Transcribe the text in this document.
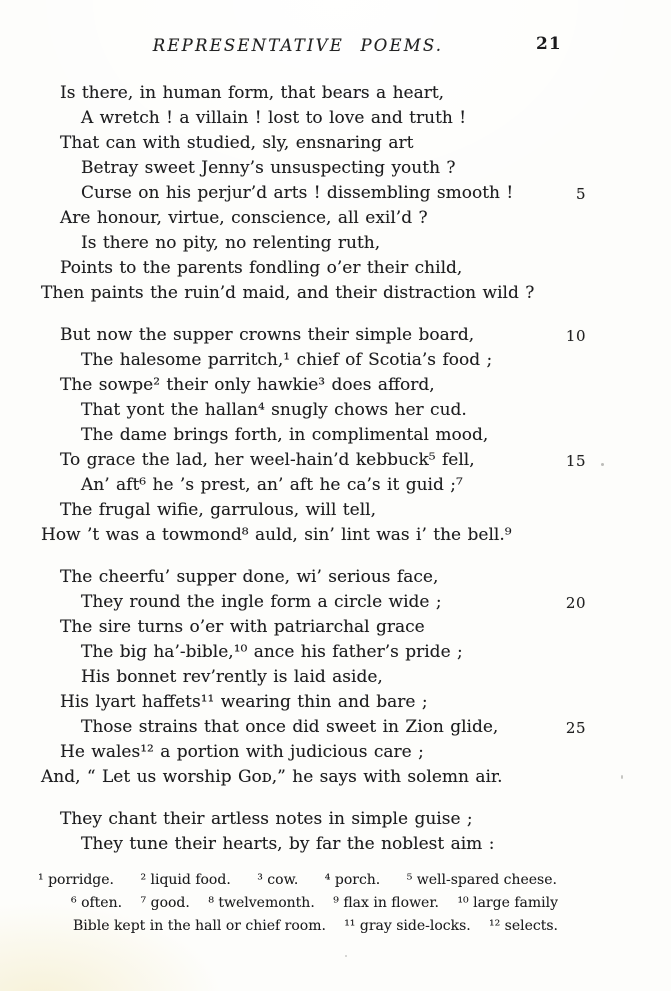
REPRESENTATIVE POEMS.	21
Is there, in human form, that bears a heart,
A wretch ! a villain ! lost to love and truth !
That can with studied, sly, ensnaring art
Betray sweet Jenny’s unsuspecting youth ?
Curse on his perjur’d arts ! dissembling smooth !	5
Are honour, virtue, conscience, all exil’d ?
Is there no pity, no relenting ruth,
Points to the parents fondling o’er their child,
Then paints the ruin’d maid, and their distraction wild ?
But now the supper crowns their simple board,	10
The halesome parritch,¹ chief of Scotia’s food ;
The sowpe² their only hawkie³ does afford,
That yont the hallan⁴ snugly chows her cud.
The dame brings forth, in complimental mood,
To grace the lad, her weel-hain’d kebbuck⁵ fell,	15
An’ aft⁶ he ’s prest, an’ aft he ca’s it guid ;⁷
The frugal wifie, garrulous, will tell,
How ’t was a towmond⁸ auld, sin’ lint was i’ the bell.⁹
The cheerfu’ supper done, wi’ serious face,
They round the ingle form a circle wide ;	20
The sire turns o’er with patriarchal grace
The big ha’-bible,¹⁰ ance his father’s pride ;
His bonnet rev’rently is laid aside,
His lyart haffets¹¹ wearing thin and bare ;
Those strains that once did sweet in Zion glide,	25
He wales¹² a portion with judicious care ;
And, “ Let us worship Gᴏᴅ,” he says with solemn air.
They chant their artless notes in simple guise ;
They tune their hearts, by far the noblest aim :
¹ porridge. ² liquid food. ³ cow. ⁴ porch. ⁵ well-spared cheese.
⁶ often. ⁷ good. ⁸ twelvemonth. ⁹ flax in flower. ¹⁰ large family
Bible kept in the hall or chief room. ¹¹ gray side-locks. ¹² selects.
